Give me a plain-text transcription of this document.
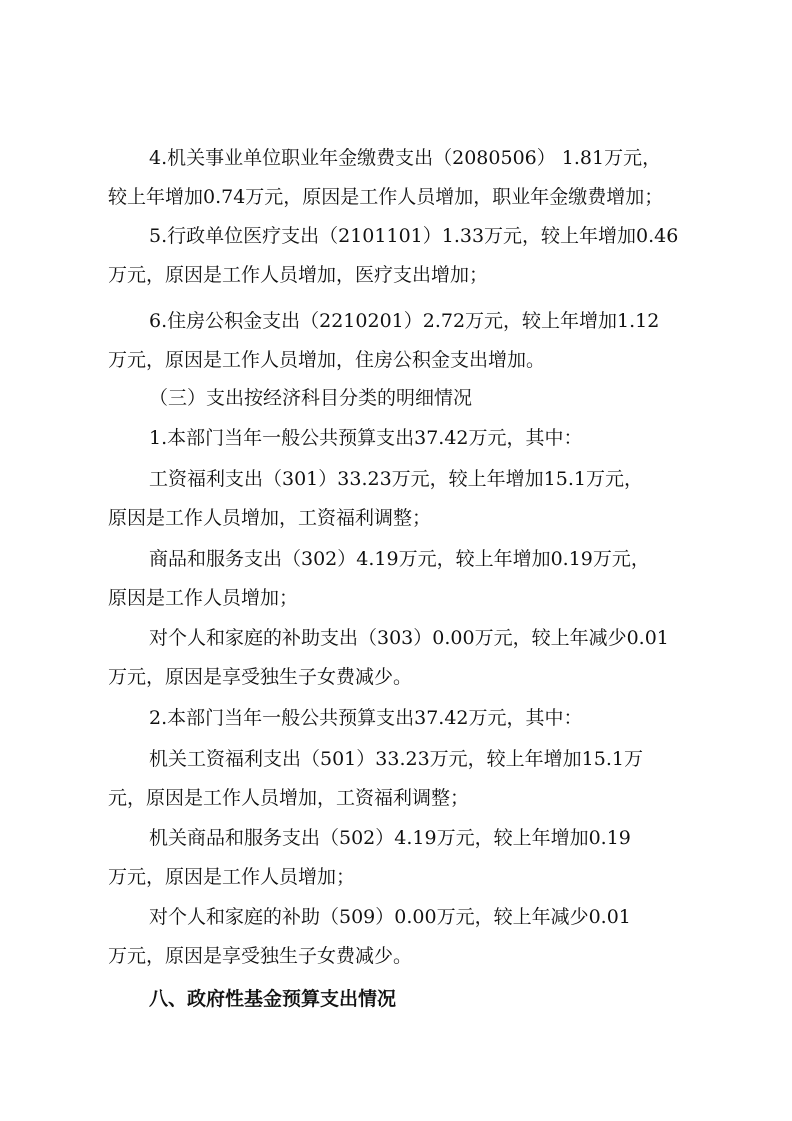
4.机关事业单位职业年金缴费支出（2080506） 1.81万元，
较上年增加0.74万元，原因是工作人员增加，职业年金缴费增加；
5.行政单位医疗支出（2101101）1.33万元，较上年增加0.46
万元，原因是工作人员增加，医疗支出增加；
6.住房公积金支出（2210201）2.72万元，较上年增加1.12
万元，原因是工作人员增加，住房公积金支出增加。
（三）支出按经济科目分类的明细情况
1.本部门当年一般公共预算支出37.42万元，其中：
工资福利支出（301）33.23万元，较上年增加15.1万元，
原因是工作人员增加，工资福利调整；
商品和服务支出（302）4.19万元，较上年增加0.19万元，
原因是工作人员增加；
对个人和家庭的补助支出（303）0.00万元，较上年减少0.01
万元，原因是享受独生子女费减少。
2.本部门当年一般公共预算支出37.42万元，其中：
机关工资福利支出（501）33.23万元，较上年增加15.1万
元，原因是工作人员增加，工资福利调整；
机关商品和服务支出（502）4.19万元，较上年增加0.19
万元，原因是工作人员增加；
对个人和家庭的补助（509）0.00万元，较上年减少0.01
万元，原因是享受独生子女费减少。
八、政府性基金预算支出情况
